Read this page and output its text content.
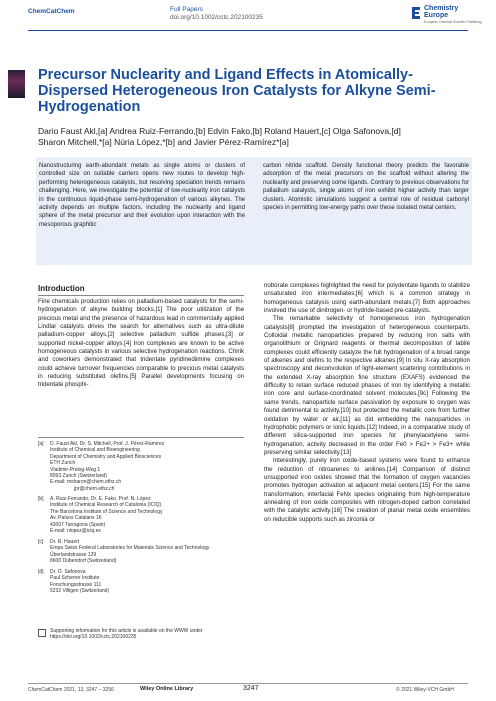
ChemCatChem	Full Papers
doi.org/10.1002/cctc.202100235
Chemistry
Europe
European Chemical Societies Publishing
Precursor Nuclearity and Ligand Effects in Atomically-Dispersed Heterogeneous Iron Catalysts for Alkyne Semi-Hydrogenation
Dario Faust Akl,[a] Andrea Ruiz-Ferrando,[b] Edvin Fako,[b] Roland Hauert,[c] Olga Safonova,[d]
Sharon Mitchell,*[a] Núria López,*[b] and Javier Pérez-Ramírez*[a]
Nanostructuring earth-abundant metals as single atoms or clusters of controlled size on suitable carriers opens new routes to develop high-performing heterogeneous catalysts, but resolving speciation trends remains challenging. Here, we investigate the potential of low-nuclearity iron catalysts in the continuous liquid-phase semi-hydrogenation of various alkynes. The activity depends on multiple factors, including the nuclearity and ligand sphere of the metal precursor and their evolution upon interaction with the mesoporous graphitic
carbon nitride scaffold. Density functional theory predicts the favorable adsorption of the metal precursors on the scaffold without altering the nuclearity and preserving some ligands. Contrary to previous observations for palladium catalysts, single atoms of iron exhibit higher activity than larger clusters. Atomistic simulations suggest a central role of residual carbonyl species in permitting low-energy paths over these isolated metal centers.
Introduction

Fine chemicals production relies on palladium-based catalysts for the semi-hydrogenation of alkyne building blocks.[1] The poor utilization of the precious metal and the presence of hazardous lead in commercially applied Lindlar catalysts drives the search for alternatives such as ultra-dilute palladium-copper alloys,[2] selective palladium sulfide phases,[3] or supported nickel-copper alloys.[4] Iron complexes are known to be active homogeneous catalysts in various selective hydrogenation reactions. Chirik and coworkers demonstrated that tridentate pyridinediimine complexes could achieve turnover frequencies comparable to precious metal catalysts in reducing substituted olefins.[5] Parallel developments focusing on tridentate phosphi-

noborate complexes highlighted the need for polydentate ligands to stabilize unsaturated iron intermediates;[6] which is a common strategy in homogeneous catalysis using earth-abundant metals.[7] Both approaches involved the use of dinitrogen- or hydride-based pre-catalysts.

The remarkable selectivity of homogeneous iron hydrogenation catalysts[8] prompted the investigation of heterogeneous counterparts. Colloidal metallic nanoparticles prepared by reducing iron salts with organolithium or Grignard reagents or thermal decomposition of labile complexes could efficiently catalyze the full hydrogenation of a broad range of alkenes and olefins to the respective alkanes.[9] In situ X-ray absorption spectroscopy and deconvolution of light-element scattering contributions in the extended X-ray absorption fine structure (EXAFS) evidenced the difficulty to retain surface reduced phases of iron by identifying a metallic iron core and surface-coordinated solvent molecules.[9c] Following the same trends, nanoparticle surface passivation by exposure to oxygen was found detrimental to activity,[10] but protected the metallic core from further oxidation by water or air,[11] as did embedding the nanoparticles in hydrophobic polymers or ionic liquids.[12] Indeed, in a comparative study of different silica-supported iron species for phenylacetylene semi-hydrogenation, activity decreased in the order Fe0 > Fe2+ > Fe3+ while preserving similar selectivity.[13]

Interestingly, purely iron oxide-based systems were found to enhance the reduction of nitroarenes to anilines.[14] Comparison of distinct unsupported iron oxides showed that the formation of oxygen vacancies promotes hydrogen activation at adjacent metal centers.[15] For the same transformation, interfacial FeNx species originating from high-temperature annealing of iron oxide composites with nitrogen-doped carbon correlated with the catalytic activity.[16] The creation of planar metal oxide ensembles on reducible supports such as zirconia or

[a] D. Faust Akl, Dr. S. Mitchell, Prof. J. Pérez-Ramírez
Institute of Chemical and Bioengineering
Department of Chemistry and Applied Biosciences
ETH Zurich
Vladimir-Prelog-Weg 1
8093 Zurich (Switzerland)
E-mail: msharon@chem.ethz.ch
jpr@chem.ethz.ch
[b] A. Ruiz-Ferrando, Dr. E. Fako, Prof. N. López
Institute of Chemical Research of Catalonia (ICIQ)
The Barcelona Institute of Science and Technology
Av. Països Catalans 16
43007 Tarragona (Spain)
E-mail: nlopez@iciq.es
[c] Dr. R. Hauert
Empa Swiss Federal Laboratories for Materials Science and Technology
Überlandstrasse 129
8600 Dübendorf (Switzerland)
[d] Dr. O. Safonova
Paul Scherrer Institute
Forschungsstrasse 111
5232 Villigen (Switzerland)
Supporting information for this article is available on the WWW under https://doi.org/10.1002/cctc.202100235
ChemCatChem 2021, 13, 3247 – 3256	Wiley Online Library	3247	© 2021 Wiley-VCH GmbH
